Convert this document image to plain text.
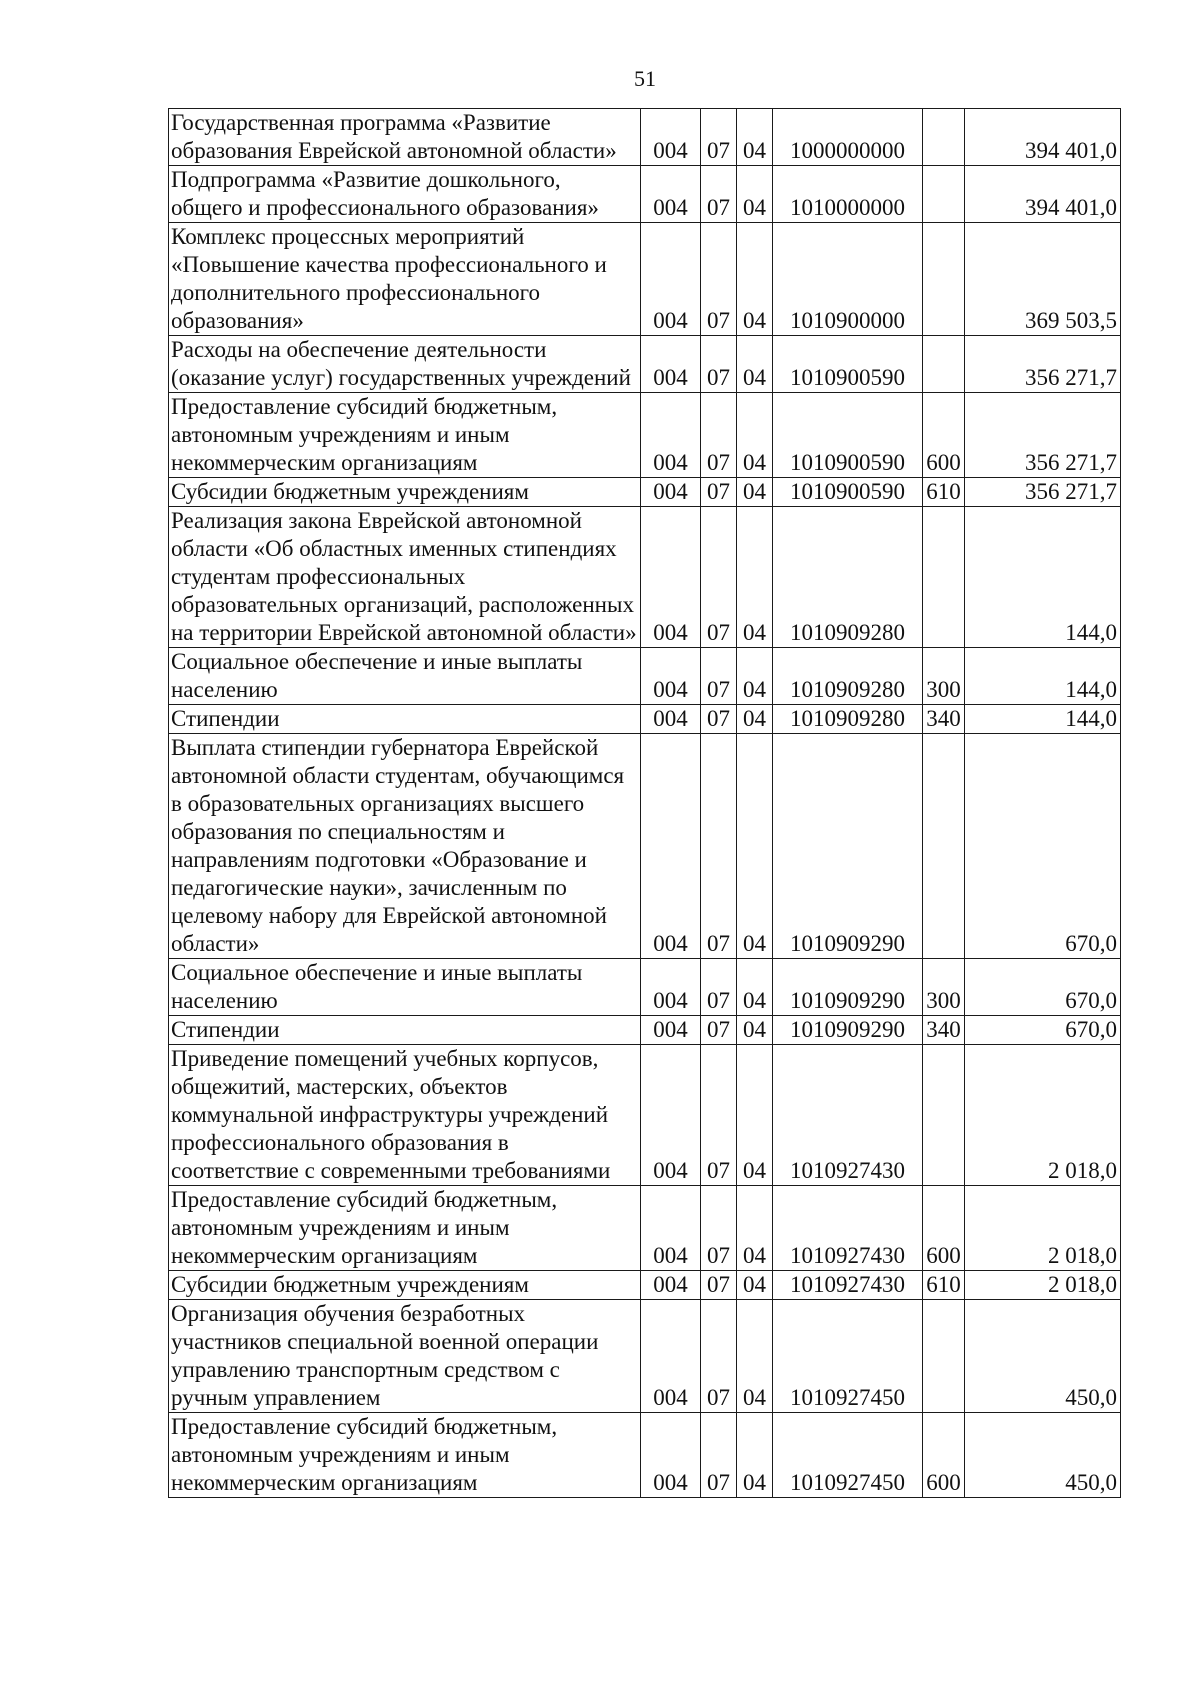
51
Государственная программа «Развитие образования Еврейской автономной области»	004	07	04	1000000000		394 401,0
Подпрограмма «Развитие дошкольного, общего и профессионального образования»	004	07	04	1010000000		394 401,0
Комплекс процессных мероприятий «Повышение качества профессионального и дополнительного профессионального образования»	004	07	04	1010900000		369 503,5
Расходы на обеспечение деятельности (оказание услуг) государственных учреждений	004	07	04	1010900590		356 271,7
Предоставление субсидий бюджетным, автономным учреждениям и иным некоммерческим организациям	004	07	04	1010900590	600	356 271,7
Субсидии бюджетным учреждениям	004	07	04	1010900590	610	356 271,7
Реализация закона Еврейской автономной области «Об областных именных стипендиях студентам профессиональных образовательных организаций, расположенных на территории Еврейской автономной области»	004	07	04	1010909280		144,0
Социальное обеспечение и иные выплаты населению	004	07	04	1010909280	300	144,0
Стипендии	004	07	04	1010909280	340	144,0
Выплата стипендии губернатора Еврейской автономной области студентам, обучающимся в образовательных организациях высшего образования по специальностям и направлениям подготовки «Образование и педагогические науки», зачисленным по целевому набору для Еврейской автономной области»	004	07	04	1010909290		670,0
Социальное обеспечение и иные выплаты населению	004	07	04	1010909290	300	670,0
Стипендии	004	07	04	1010909290	340	670,0
Приведение помещений учебных корпусов, общежитий, мастерских, объектов коммунальной инфраструктуры учреждений профессионального образования в соответствие с современными требованиями	004	07	04	1010927430		2 018,0
Предоставление субсидий бюджетным, автономным учреждениям и иным некоммерческим организациям	004	07	04	1010927430	600	2 018,0
Субсидии бюджетным учреждениям	004	07	04	1010927430	610	2 018,0
Организация обучения безработных участников специальной военной операции управлению транспортным средством с ручным управлением	004	07	04	1010927450		450,0
Предоставление субсидий бюджетным, автономным учреждениям и иным некоммерческим организациям	004	07	04	1010927450	600	450,0
